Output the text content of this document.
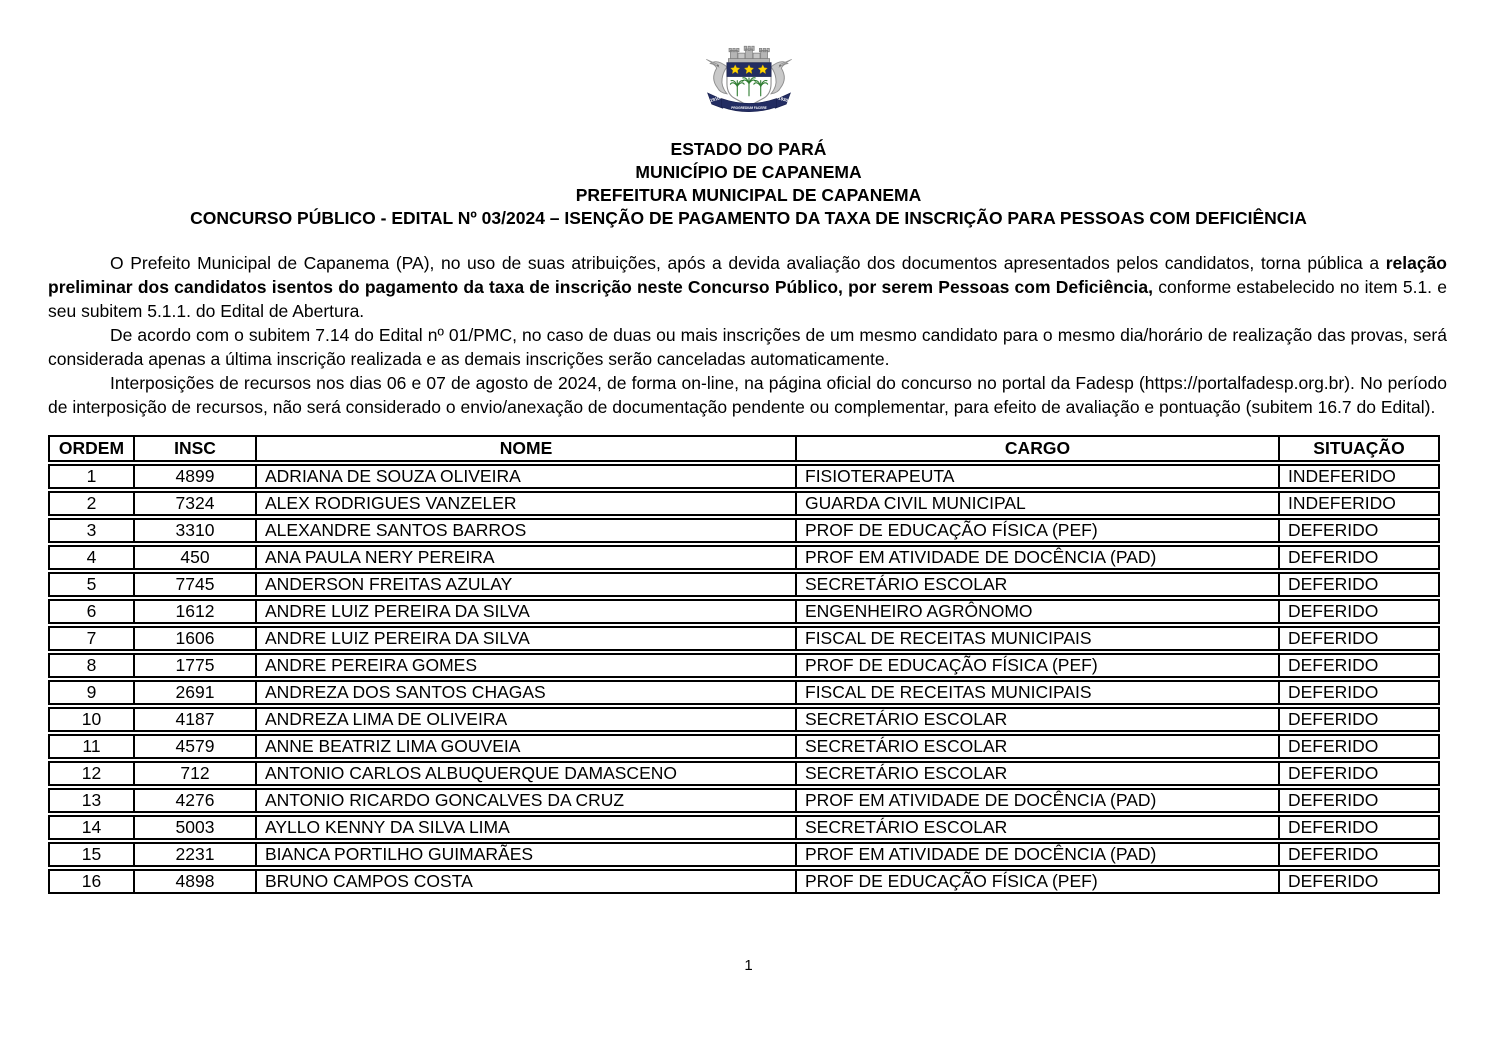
1910	1930
PROGREDIUM FACERE
ESTADO DO PARÁ
MUNICÍPIO DE CAPANEMA
PREFEITURA MUNICIPAL DE CAPANEMA
CONCURSO PÚBLICO - EDITAL Nº 03/2024 – ISENÇÃO DE PAGAMENTO DA TAXA DE INSCRIÇÃO PARA PESSOAS COM DEFICIÊNCIA

O Prefeito Municipal de Capanema (PA), no uso de suas atribuições, após a devida avaliação dos documentos apresentados pelos candidatos, torna pública a relação preliminar dos candidatos isentos do pagamento da taxa de inscrição neste Concurso Público, por serem Pessoas com Deficiência, conforme estabelecido no item 5.1. e seu subitem 5.1.1. do Edital de Abertura.

De acordo com o subitem 7.14 do Edital nº 01/PMC, no caso de duas ou mais inscrições de um mesmo candidato para o mesmo dia/horário de realização das provas, será considerada apenas a última inscrição realizada e as demais inscrições serão canceladas automaticamente.

Interposições de recursos nos dias 06 e 07 de agosto de 2024, de forma on-line, na página oficial do concurso no portal da Fadesp (https://portalfadesp.org.br). No período de interposição de recursos, não será considerado o envio/anexação de documentação pendente ou complementar, para efeito de avaliação e pontuação (subitem 16.7 do Edital).

ORDEM	INSC	NOME	CARGO	SITUAÇÃO
1	4899	ADRIANA DE SOUZA OLIVEIRA	FISIOTERAPEUTA	INDEFERIDO
2	7324	ALEX RODRIGUES VANZELER	GUARDA CIVIL MUNICIPAL	INDEFERIDO
3	3310	ALEXANDRE SANTOS BARROS	PROF DE EDUCAÇÃO FÍSICA (PEF)	DEFERIDO
4	450	ANA PAULA NERY PEREIRA	PROF EM ATIVIDADE DE DOCÊNCIA (PAD)	DEFERIDO
5	7745	ANDERSON FREITAS AZULAY	SECRETÁRIO ESCOLAR	DEFERIDO
6	1612	ANDRE LUIZ PEREIRA DA SILVA	ENGENHEIRO AGRÔNOMO	DEFERIDO
7	1606	ANDRE LUIZ PEREIRA DA SILVA	FISCAL DE RECEITAS MUNICIPAIS	DEFERIDO
8	1775	ANDRE PEREIRA GOMES	PROF DE EDUCAÇÃO FÍSICA (PEF)	DEFERIDO
9	2691	ANDREZA DOS SANTOS CHAGAS	FISCAL DE RECEITAS MUNICIPAIS	DEFERIDO
10	4187	ANDREZA LIMA DE OLIVEIRA	SECRETÁRIO ESCOLAR	DEFERIDO
11	4579	ANNE BEATRIZ LIMA GOUVEIA	SECRETÁRIO ESCOLAR	DEFERIDO
12	712	ANTONIO CARLOS ALBUQUERQUE DAMASCENO	SECRETÁRIO ESCOLAR	DEFERIDO
13	4276	ANTONIO RICARDO GONCALVES DA CRUZ	PROF EM ATIVIDADE DE DOCÊNCIA (PAD)	DEFERIDO
14	5003	AYLLO KENNY DA SILVA LIMA	SECRETÁRIO ESCOLAR	DEFERIDO
15	2231	BIANCA PORTILHO GUIMARÃES	PROF EM ATIVIDADE DE DOCÊNCIA (PAD)	DEFERIDO
16	4898	BRUNO CAMPOS COSTA	PROF DE EDUCAÇÃO FÍSICA (PEF)	DEFERIDO
1
